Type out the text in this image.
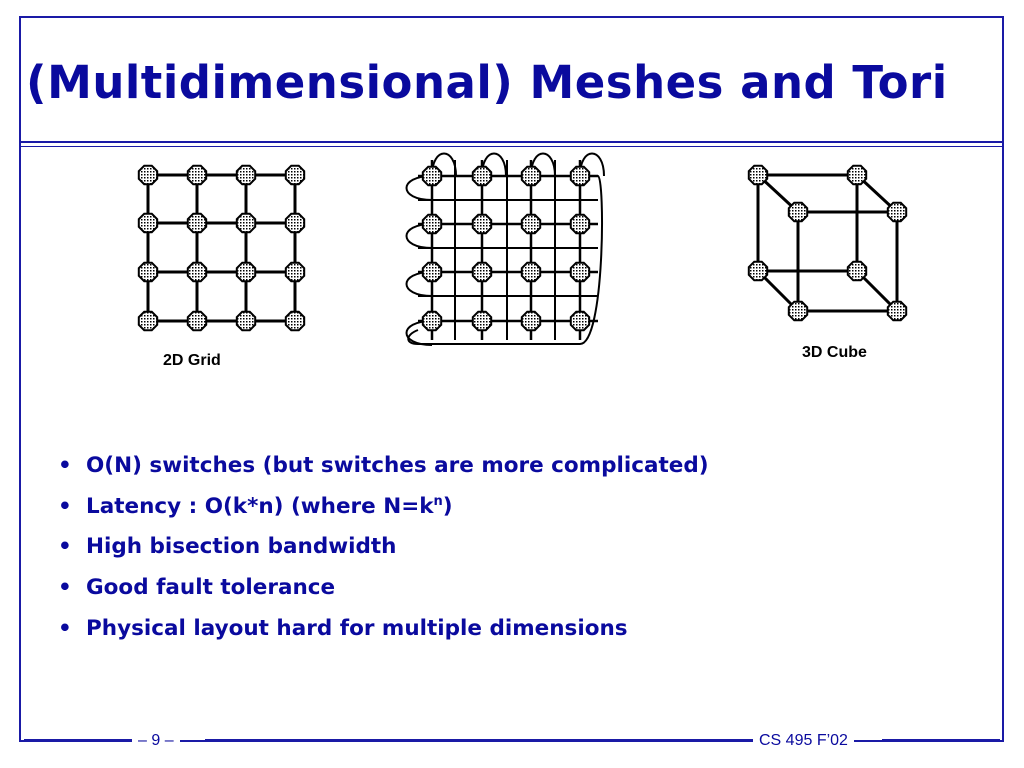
(Multidimensional) Meshes and Tori
2D Grid	3D Cube
• O(N) switches (but switches are more complicated)
• Latency : O(k*n) (where $N=k^n$)
• High bisection bandwidth
• Good fault tolerance
• Physical layout hard for multiple dimensions
– 9 –	CS 495 F’02
